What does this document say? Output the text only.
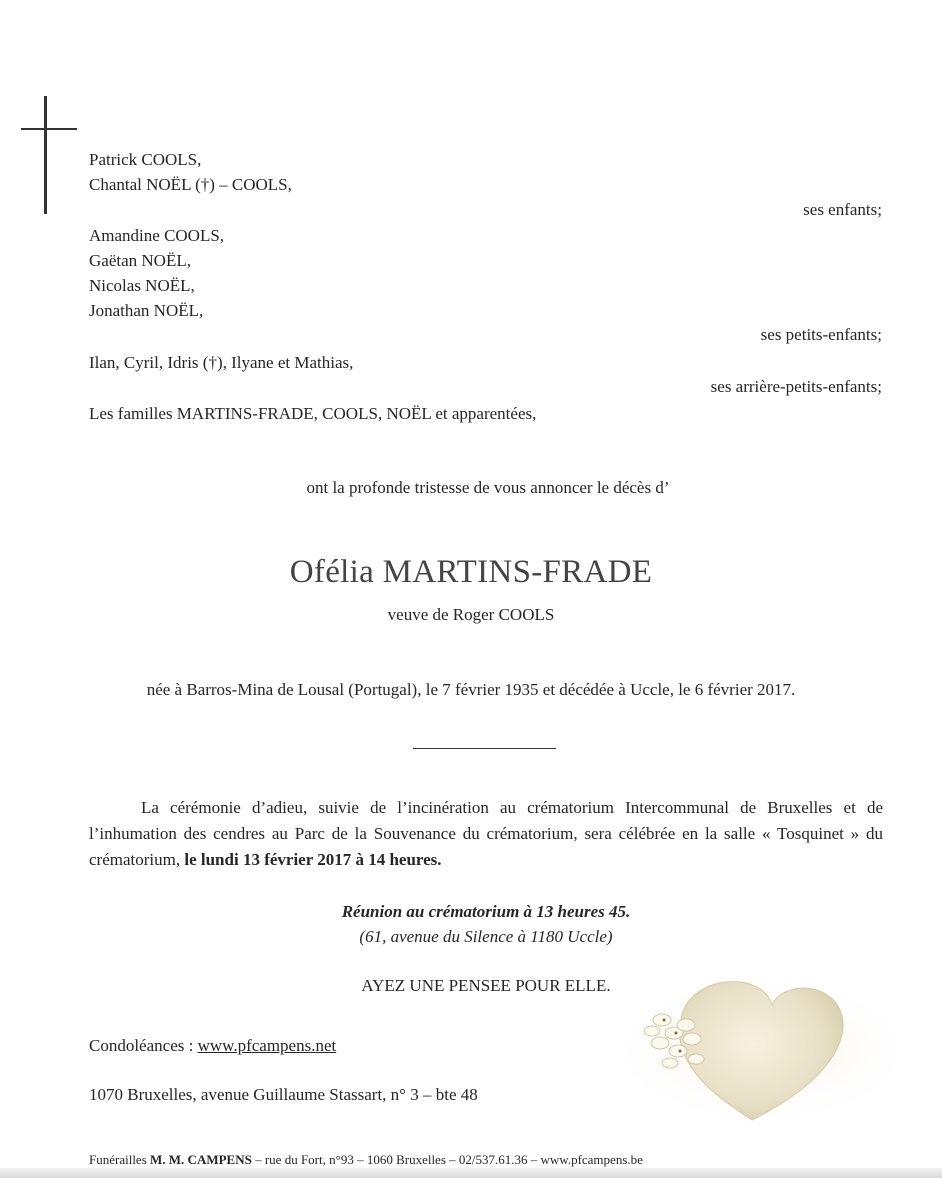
Patrick COOLS,
Chantal NOËL (†) – COOLS,
ses enfants;
Amandine COOLS,
Gaëtan NOËL,
Nicolas NOËL,
Jonathan NOËL,
ses petits-enfants;
Ilan, Cyril, Idris (†), Ilyane et Mathias,
ses arrière-petits-enfants;
Les familles MARTINS-FRADE, COOLS, NOËL et apparentées,
ont la profonde tristesse de vous annoncer le décès d’
Ofélia MARTINS-FRADE
veuve de Roger COOLS
née à Barros-Mina de Lousal (Portugal), le 7 février 1935 et décédée à Uccle, le 6 février 2017.
La cérémonie d’adieu, suivie de l’incinération au crématorium Intercommunal de Bruxelles et de l’inhumation des cendres au Parc de la Souvenance du crématorium, sera célébrée en la salle « Tosquinet » du crématorium, le lundi 13 février 2017 à 14 heures.
Réunion au crématorium à 13 heures 45.
(61, avenue du Silence à 1180 Uccle)
AYEZ UNE PENSEE POUR ELLE.
Condoléances : www.pfcampens.net
1070 Bruxelles, avenue Guillaume Stassart, n° 3 – bte 48
Funérailles M. M. CAMPENS – rue du Fort, n°93 – 1060 Bruxelles – 02/537.61.36 – www.pfcampens.be
